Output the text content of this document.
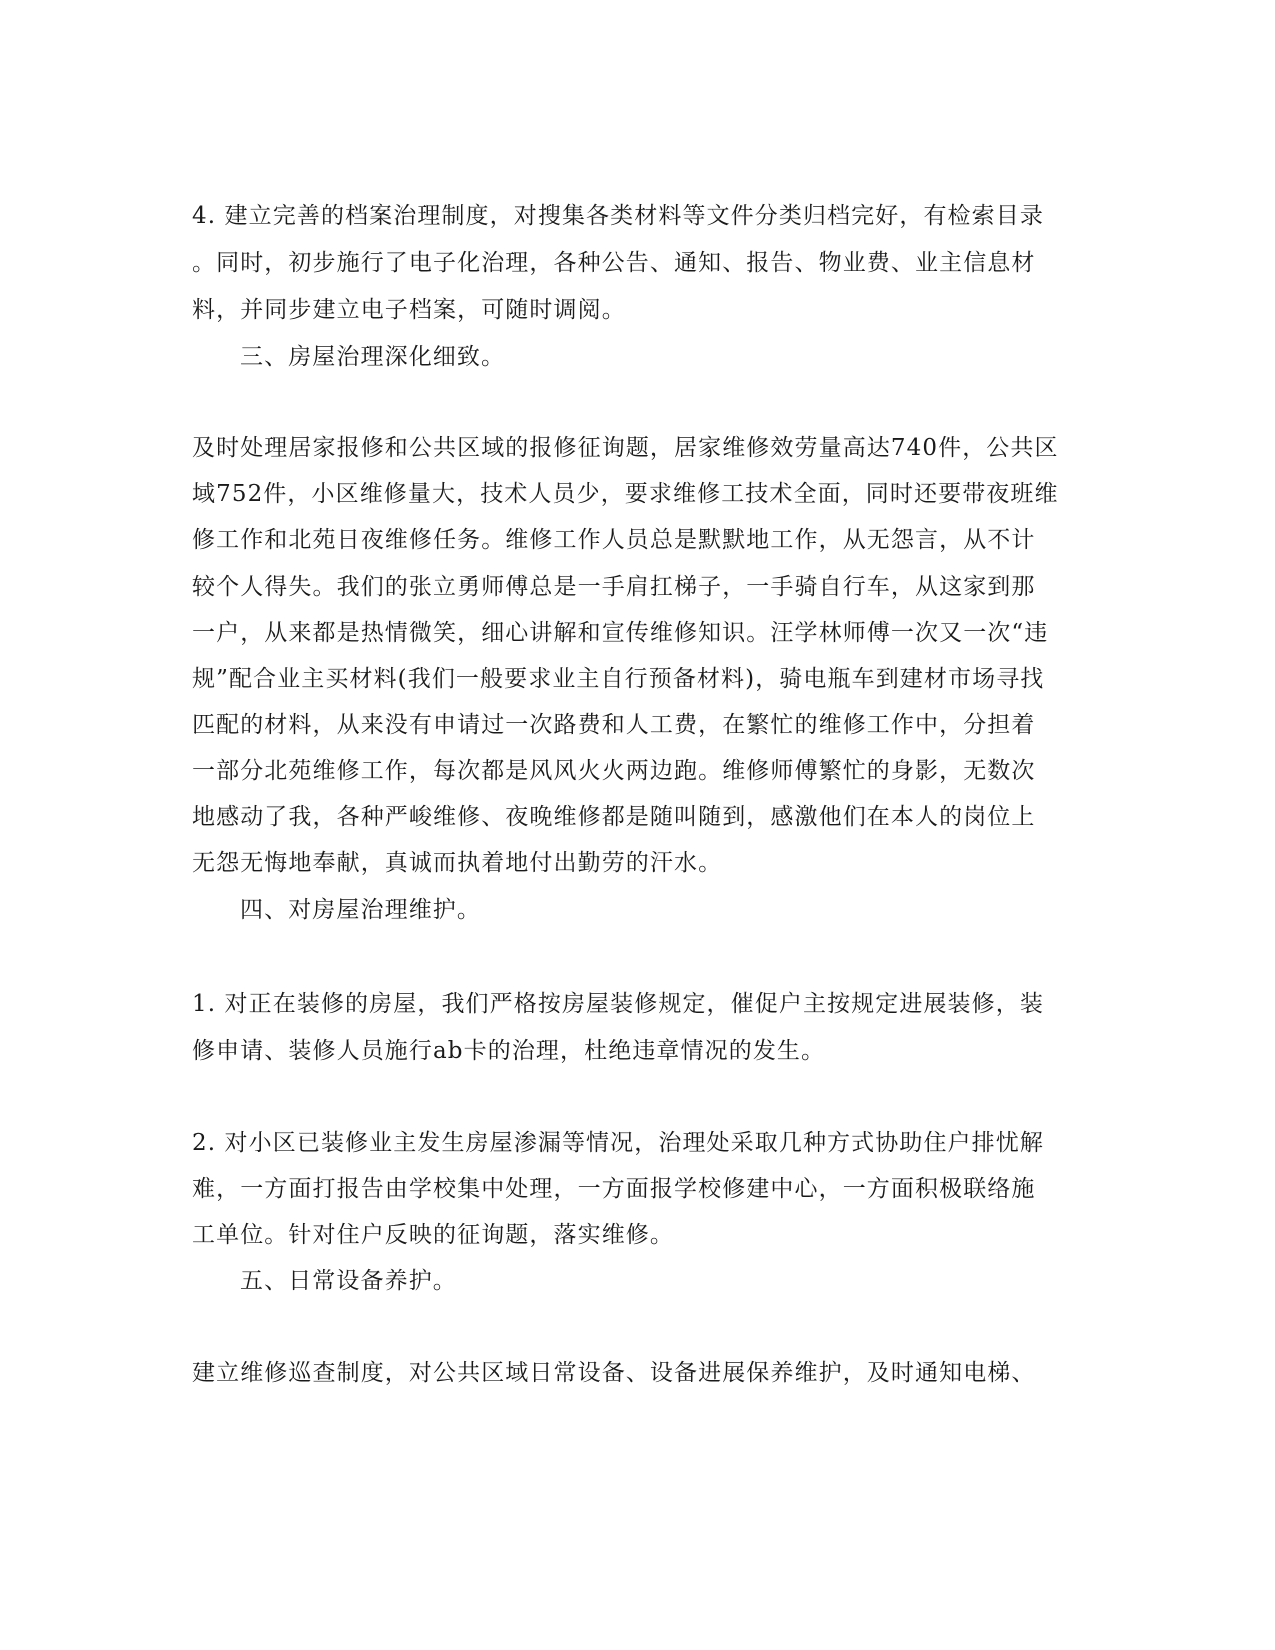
4. 建立完善的档案治理制度，对搜集各类材料等文件分类归档完好，有检索目录
。同时，初步施行了电子化治理，各种公告、通知、报告、物业费、业主信息材
料，并同步建立电子档案，可随时调阅。
三、房屋治理深化细致。
及时处理居家报修和公共区域的报修征询题，居家维修效劳量高达740件，公共区
域752件，小区维修量大，技术人员少，要求维修工技术全面，同时还要带夜班维
修工作和北苑日夜维修任务。维修工作人员总是默默地工作，从无怨言，从不计
较个人得失。我们的张立勇师傅总是一手肩扛梯子，一手骑自行车，从这家到那
一户，从来都是热情微笑，细心讲解和宣传维修知识。汪学林师傅一次又一次“违
规”配合业主买材料(我们一般要求业主自行预备材料)，骑电瓶车到建材市场寻找
匹配的材料，从来没有申请过一次路费和人工费，在繁忙的维修工作中，分担着
一部分北苑维修工作，每次都是风风火火两边跑。维修师傅繁忙的身影，无数次
地感动了我，各种严峻维修、夜晚维修都是随叫随到，感激他们在本人的岗位上
无怨无悔地奉献，真诚而执着地付出勤劳的汗水。
四、对房屋治理维护。
1. 对正在装修的房屋，我们严格按房屋装修规定，催促户主按规定进展装修，装
修申请、装修人员施行ab卡的治理，杜绝违章情况的发生。
2. 对小区已装修业主发生房屋渗漏等情况，治理处采取几种方式协助住户排忧解
难，一方面打报告由学校集中处理，一方面报学校修建中心，一方面积极联络施
工单位。针对住户反映的征询题，落实维修。
五、日常设备养护。
建立维修巡查制度，对公共区域日常设备、设备进展保养维护，及时通知电梯、
